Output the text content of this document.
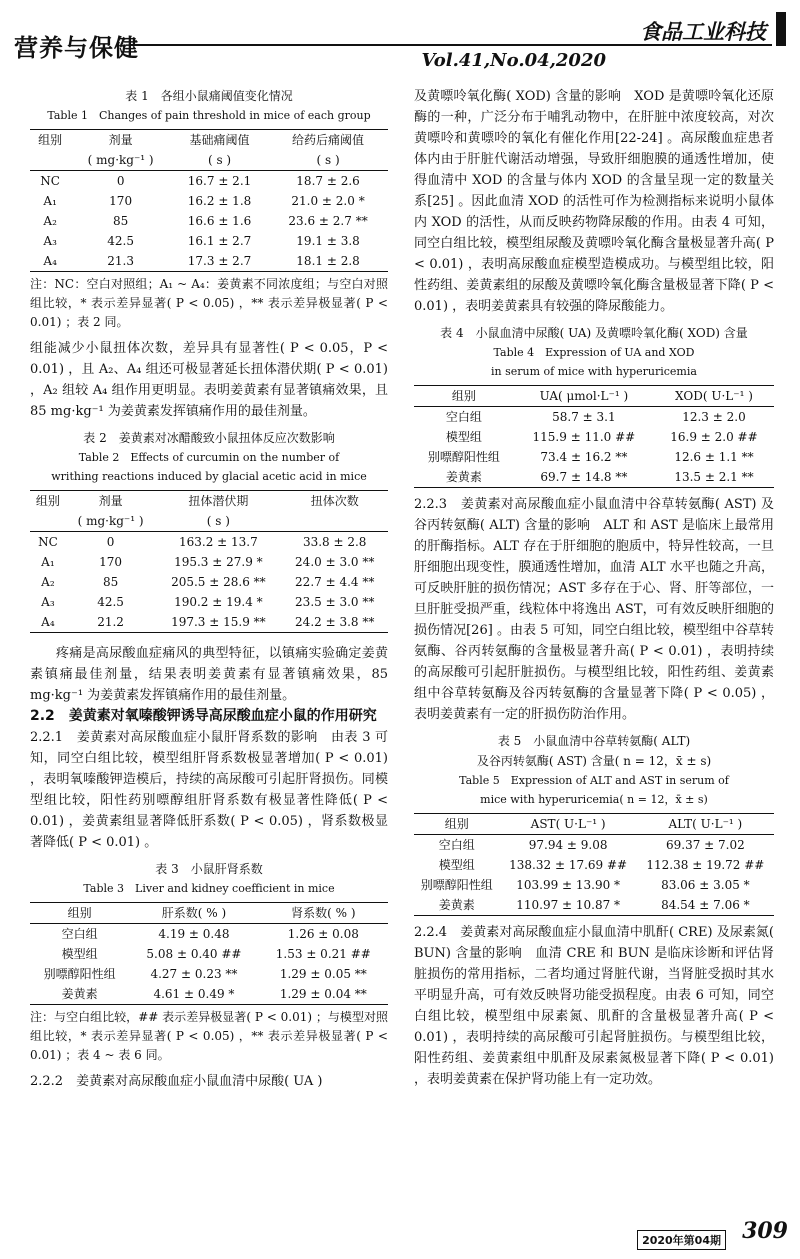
营养与保健
食品工业科技
Vol.41,No.04,2020
表 1　各组小鼠痛阈值变化情况
Table 1　Changes of pain threshold in mice of each group
组别	剂量	基础痛阈值	给药后痛阈值
	( mg·kg⁻¹ )	( s )	( s )
NC	0	16.7 ± 2.1	18.7 ± 2.6
A₁	170	16.2 ± 1.8	21.0 ± 2.0 *
A₂	85	16.6 ± 1.6	23.6 ± 2.7 **
A₃	42.5	16.1 ± 2.7	19.1 ± 3.8
A₄	21.3	17.3 ± 2.7	18.1 ± 2.8
注：NC：空白对照组；A₁ ~ A₄：姜黄素不同浓度组；与空白对照组比较，* 表示差异显著( P < 0.05) ，** 表示差异极显著( P < 0.01) ；表 2 同。

组能减少小鼠扭体次数，差异具有显著性( P < 0.05，P < 0.01) ，且 A₂、A₄ 组还可极显著延长扭体潜伏期( P < 0.01) ，A₂ 组较 A₄ 组作用更明显。表明姜黄素有显著镇痛效果，且 85 mg·kg⁻¹ 为姜黄素发挥镇痛作用的最佳剂量。

表 2　姜黄素对冰醋酸致小鼠扭体反应次数影响
Table 2　Effects of curcumin on the number of
writhing reactions induced by glacial acetic acid in mice
组别	剂量	扭体潜伏期	扭体次数
	( mg·kg⁻¹ )	( s )	
NC	0	163.2 ± 13.7	33.8 ± 2.8
A₁	170	195.3 ± 27.9 *	24.0 ± 3.0 **
A₂	85	205.5 ± 28.6 **	22.7 ± 4.4 **
A₃	42.5	190.2 ± 19.4 *	23.5 ± 3.0 **
A₄	21.2	197.3 ± 15.9 **	24.2 ± 3.8 **

疼痛是高尿酸血症痛风的典型特征，以镇痛实验确定姜黄素镇痛最佳剂量，结果表明姜黄素有显著镇痛效果，85 mg·kg⁻¹ 为姜黄素发挥镇痛作用的最佳剂量。

2.2　姜黄素对氧嗪酸钾诱导高尿酸血症小鼠的作用研究

2.2.1　姜黄素对高尿酸血症小鼠肝肾系数的影响　由表 3 可知，同空白组比较，模型组肝肾系数极显著增加( P < 0.01) ，表明氧嗪酸钾造模后，持续的高尿酸可引起肝肾损伤。同模型组比较，阳性药别嘌醇组肝肾系数有极显著性降低( P < 0.01) ，姜黄素组显著降低肝系数( P < 0.05) ，肾系数极显著降低( P < 0.01) 。

表 3　小鼠肝肾系数
Table 3　Liver and kidney coefficient in mice
组别	肝系数( % )	肾系数( % )
空白组	4.19 ± 0.48	1.26 ± 0.08
模型组	5.08 ± 0.40 ##	1.53 ± 0.21 ##
别嘌醇阳性组	4.27 ± 0.23 **	1.29 ± 0.05 **
姜黄素	4.61 ± 0.49 *	1.29 ± 0.04 **
注：与空白组比较，## 表示差异极显著( P < 0.01) ；与模型对照组比较，* 表示差异显著( P < 0.05) ，** 表示差异极显著( P < 0.01) ；表 4 ~ 表 6 同。

2.2.2　姜黄素对高尿酸血症小鼠血清中尿酸( UA )

及黄嘌呤氧化酶( XOD) 含量的影响　XOD 是黄嘌呤氧化还原酶的一种，广泛分布于哺乳动物中，在肝脏中浓度较高，对次黄嘌呤和黄嘌呤的氧化有催化作用[22-24] 。高尿酸血症患者体内由于肝脏代谢活动增强，导致肝细胞膜的通透性增加，使得血清中 XOD 的含量与体内 XOD 的含量呈现一定的数量关系[25] 。因此血清 XOD 的活性可作为检测指标来说明小鼠体内 XOD 的活性，从而反映药物降尿酸的作用。由表 4 可知，同空白组比较，模型组尿酸及黄嘌呤氧化酶含量极显著升高( P < 0.01) ，表明高尿酸血症模型造模成功。与模型组比较，阳性药组、姜黄素组的尿酸及黄嘌呤氧化酶含量极显著下降( P < 0.01) ，表明姜黄素具有较强的降尿酸能力。

表 4　小鼠血清中尿酸( UA) 及黄嘌呤氧化酶( XOD) 含量
Table 4　Expression of UA and XOD
in serum of mice with hyperuricemia
组别	UA( μmol·L⁻¹ )	XOD( U·L⁻¹ )
空白组	58.7 ± 3.1	12.3 ± 2.0
模型组	115.9 ± 11.0 ##	16.9 ± 2.0 ##
别嘌醇阳性组	73.4 ± 16.2 **	12.6 ± 1.1 **
姜黄素	69.7 ± 14.8 **	13.5 ± 2.1 **

2.2.3　姜黄素对高尿酸血症小鼠血清中谷草转氨酶( AST) 及谷丙转氨酶( ALT) 含量的影响　ALT 和 AST 是临床上最常用的肝酶指标。ALT 存在于肝细胞的胞质中，特异性较高，一旦肝细胞出现变性，膜通透性增加，血清 ALT 水平也随之升高，可反映肝脏的损伤情况；AST 多存在于心、肾、肝等部位，一旦肝脏受损严重，线粒体中将逸出 AST，可有效反映肝细胞的损伤情况[26] 。由表 5 可知，同空白组比较，模型组中谷草转氨酶、谷丙转氨酶的含量极显著升高( P < 0.01) ，表明持续的高尿酸可引起肝脏损伤。与模型组比较，阳性药组、姜黄素组中谷草转氨酶及谷丙转氨酶的含量显著下降( P < 0.05) ，表明姜黄素有一定的肝损伤防治作用。

表 5　小鼠血清中谷草转氨酶( ALT)
及谷丙转氨酶( AST) 含量( n = 12，x̄ ± s)
Table 5　Expression of ALT and AST in serum of
mice with hyperuricemia( n = 12，x̄ ± s)
组别	AST( U·L⁻¹ )	ALT( U·L⁻¹ )
空白组	97.94 ± 9.08	69.37 ± 7.02
模型组	138.32 ± 17.69 ##	112.38 ± 19.72 ##
别嘌醇阳性组	103.99 ± 13.90 *	83.06 ± 3.05 *
姜黄素	110.97 ± 10.87 *	84.54 ± 7.06 *

2.2.4　姜黄素对高尿酸血症小鼠血清中肌酐( CRE) 及尿素氮( BUN) 含量的影响　血清 CRE 和 BUN 是临床诊断和评估肾脏损伤的常用指标，二者均通过肾脏代谢，当肾脏受损时其水平明显升高，可有效反映肾功能受损程度。由表 6 可知，同空白组比较，模型组中尿素氮、肌酐的含量极显著升高( P < 0.01) ，表明持续的高尿酸可引起肾脏损伤。与模型组比较，阳性药组、姜黄素组中肌酐及尿素氮极显著下降( P < 0.01) ，表明姜黄素在保护肾功能上有一定功效。

2020年第04期 309
